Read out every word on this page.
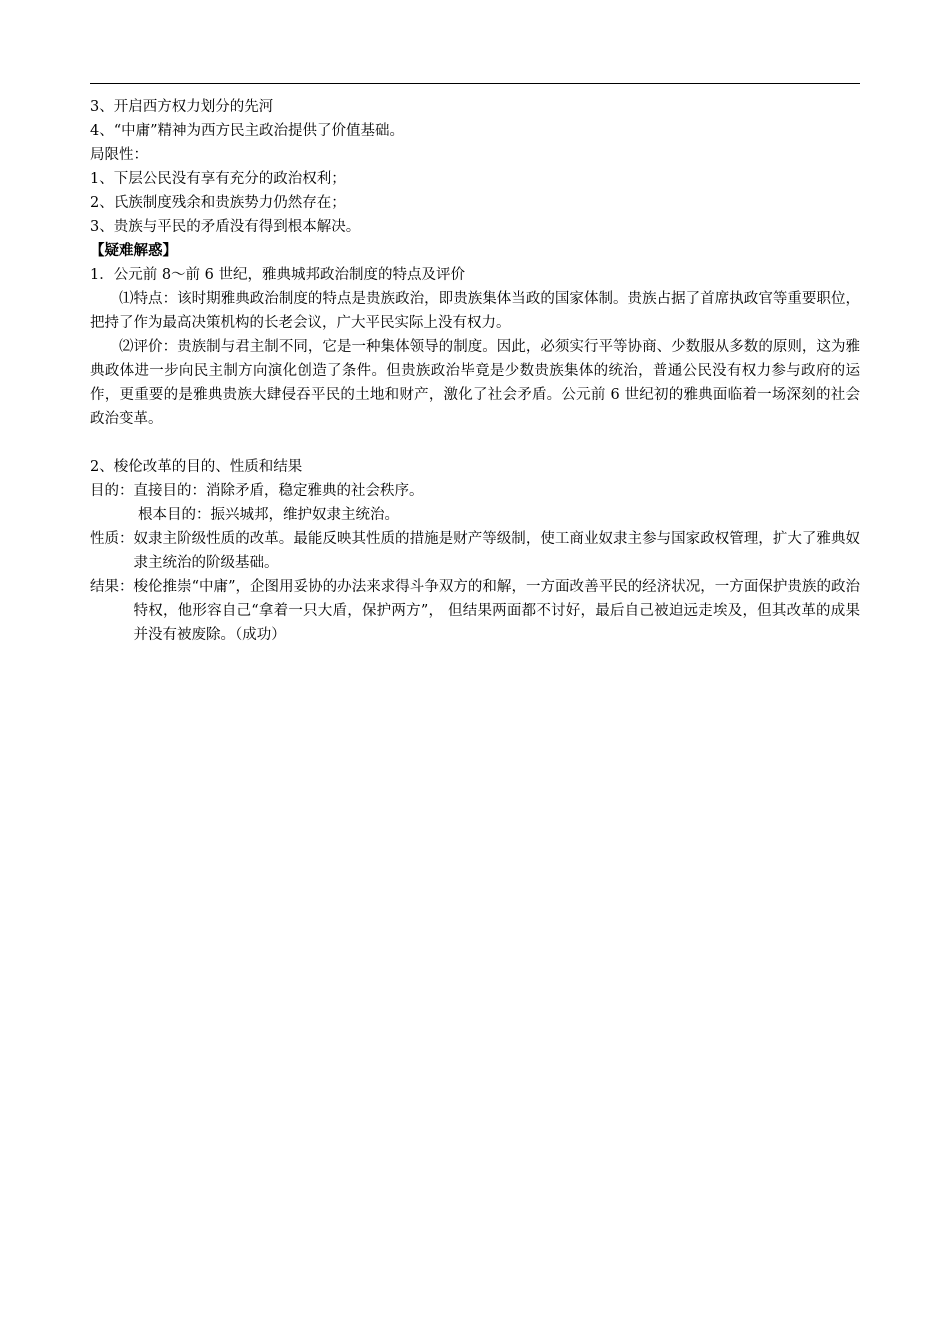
3、开启西方权力划分的先河
4、“中庸”精神为西方民主政治提供了价值基础。
局限性：
1、下层公民没有享有充分的政治权利；
2、氏族制度残余和贵族势力仍然存在；
3、贵族与平民的矛盾没有得到根本解决。
【疑难解惑】
1．公元前 8～前 6 世纪，雅典城邦政治制度的特点及评价
⑴特点：该时期雅典政治制度的特点是贵族政治，即贵族集体当政的国家体制。贵族占据了首席执政官等重要职位，把持了作为最高决策机构的长老会议，广大平民实际上没有权力。
⑵评价：贵族制与君主制不同，它是一种集体领导的制度。因此，必须实行平等协商、少数服从多数的原则，这为雅典政体进一步向民主制方向演化创造了条件。但贵族政治毕竟是少数贵族集体的统治，普通公民没有权力参与政府的运作，更重要的是雅典贵族大肆侵吞平民的土地和财产，激化了社会矛盾。公元前 6 世纪初的雅典面临着一场深刻的社会政治变革。
2、梭伦改革的目的、性质和结果
目的： 直接目的：消除矛盾，稳定雅典的社会秩序。
根本目的：振兴城邦，维护奴隶主统治。
性质： 奴隶主阶级性质的改革。最能反映其性质的措施是财产等级制，使工商业奴隶主参与国家政权管理，扩大了雅典奴隶主统治的阶级基础。
结果： 梭伦推崇“中庸”，企图用妥协的办法来求得斗争双方的和解，一方面改善平民的经济状况，一方面保护贵族的政治特权，他形容自己“拿着一只大盾，保护两方”， 但结果两面都不讨好，最后自己被迫远走埃及，但其改革的成果并没有被废除。（成功）
